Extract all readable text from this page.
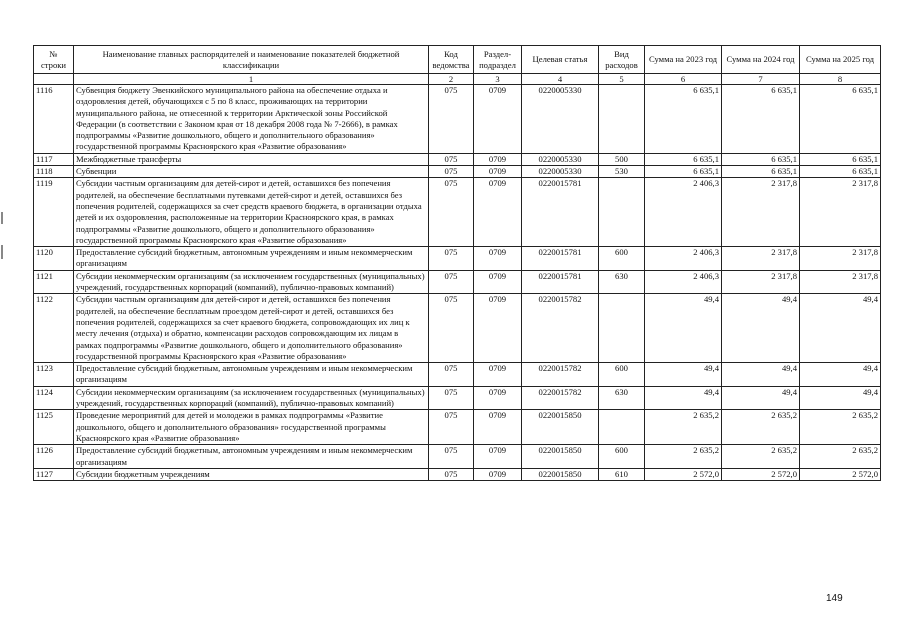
№ строки	Наименование главных распорядителей и наименование показателей бюджетной классификации	Код ведомства	Раздел-подраздел	Целевая статья	Вид расходов	Сумма на 2023 год	Сумма на 2024 год	Сумма на 2025 год
	1	2	3	4	5	6	7	8
1116	Субвенция бюджету Эвенкийского муниципального района на обеспечение отдыха и оздоровления детей, обучающихся с 5 по 8 класс, проживающих на территории муниципального района, не отнесенной к территории Арктической зоны Российской Федерации (в соответствии с Законом края от 18 декабря 2008 года № 7-2666), в рамках подпрограммы «Развитие дошкольного, общего и дополнительного образования» государственной программы Красноярского края «Развитие образования»	075	0709	0220005330		6 635,1	6 635,1	6 635,1
1117	Межбюджетные трансферты	075	0709	0220005330	500	6 635,1	6 635,1	6 635,1
1118	Субвенции	075	0709	0220005330	530	6 635,1	6 635,1	6 635,1
1119	Субсидии частным организациям для детей-сирот и детей, оставшихся без попечения родителей, на обеспечение бесплатными путевками детей-сирот и детей, оставшихся без попечения родителей, содержащихся за счет средств краевого бюджета, в организации отдыха детей и их оздоровления, расположенные на территории Красноярского края, в рамках подпрограммы «Развитие дошкольного, общего и дополнительного образования» государственной программы Красноярского края «Развитие образования»	075	0709	0220015781		2 406,3	2 317,8	2 317,8
1120	Предоставление субсидий бюджетным, автономным учреждениям и иным некоммерческим организациям	075	0709	0220015781	600	2 406,3	2 317,8	2 317,8
1121	Субсидии некоммерческим организациям (за исключением государственных (муниципальных) учреждений, государственных корпораций (компаний), публично-правовых компаний)	075	0709	0220015781	630	2 406,3	2 317,8	2 317,8
1122	Субсидии частным организациям для детей-сирот и детей, оставшихся без попечения родителей, на обеспечение бесплатным проездом детей-сирот и детей, оставшихся без попечения родителей, содержащихся за счет краевого бюджета, сопровождающих их лиц к месту лечения (отдыха) и обратно, компенсации расходов сопровождающим их лицам в рамках подпрограммы «Развитие дошкольного, общего и дополнительного образования» государственной программы Красноярского края «Развитие образования»	075	0709	0220015782		49,4	49,4	49,4
1123	Предоставление субсидий бюджетным, автономным учреждениям и иным некоммерческим организациям	075	0709	0220015782	600	49,4	49,4	49,4
1124	Субсидии некоммерческим организациям (за исключением государственных (муниципальных) учреждений, государственных корпораций (компаний), публично-правовых компаний)	075	0709	0220015782	630	49,4	49,4	49,4
1125	Проведение мероприятий для детей и молодежи в рамках подпрограммы «Развитие дошкольного, общего и дополнительного образования» государственной программы Красноярского края «Развитие образования»	075	0709	0220015850		2 635,2	2 635,2	2 635,2
1126	Предоставление субсидий бюджетным, автономным учреждениям и иным некоммерческим организациям	075	0709	0220015850	600	2 635,2	2 635,2	2 635,2
1127	Субсидии бюджетным учреждениям	075	0709	0220015850	610	2 572,0	2 572,0	2 572,0
149
